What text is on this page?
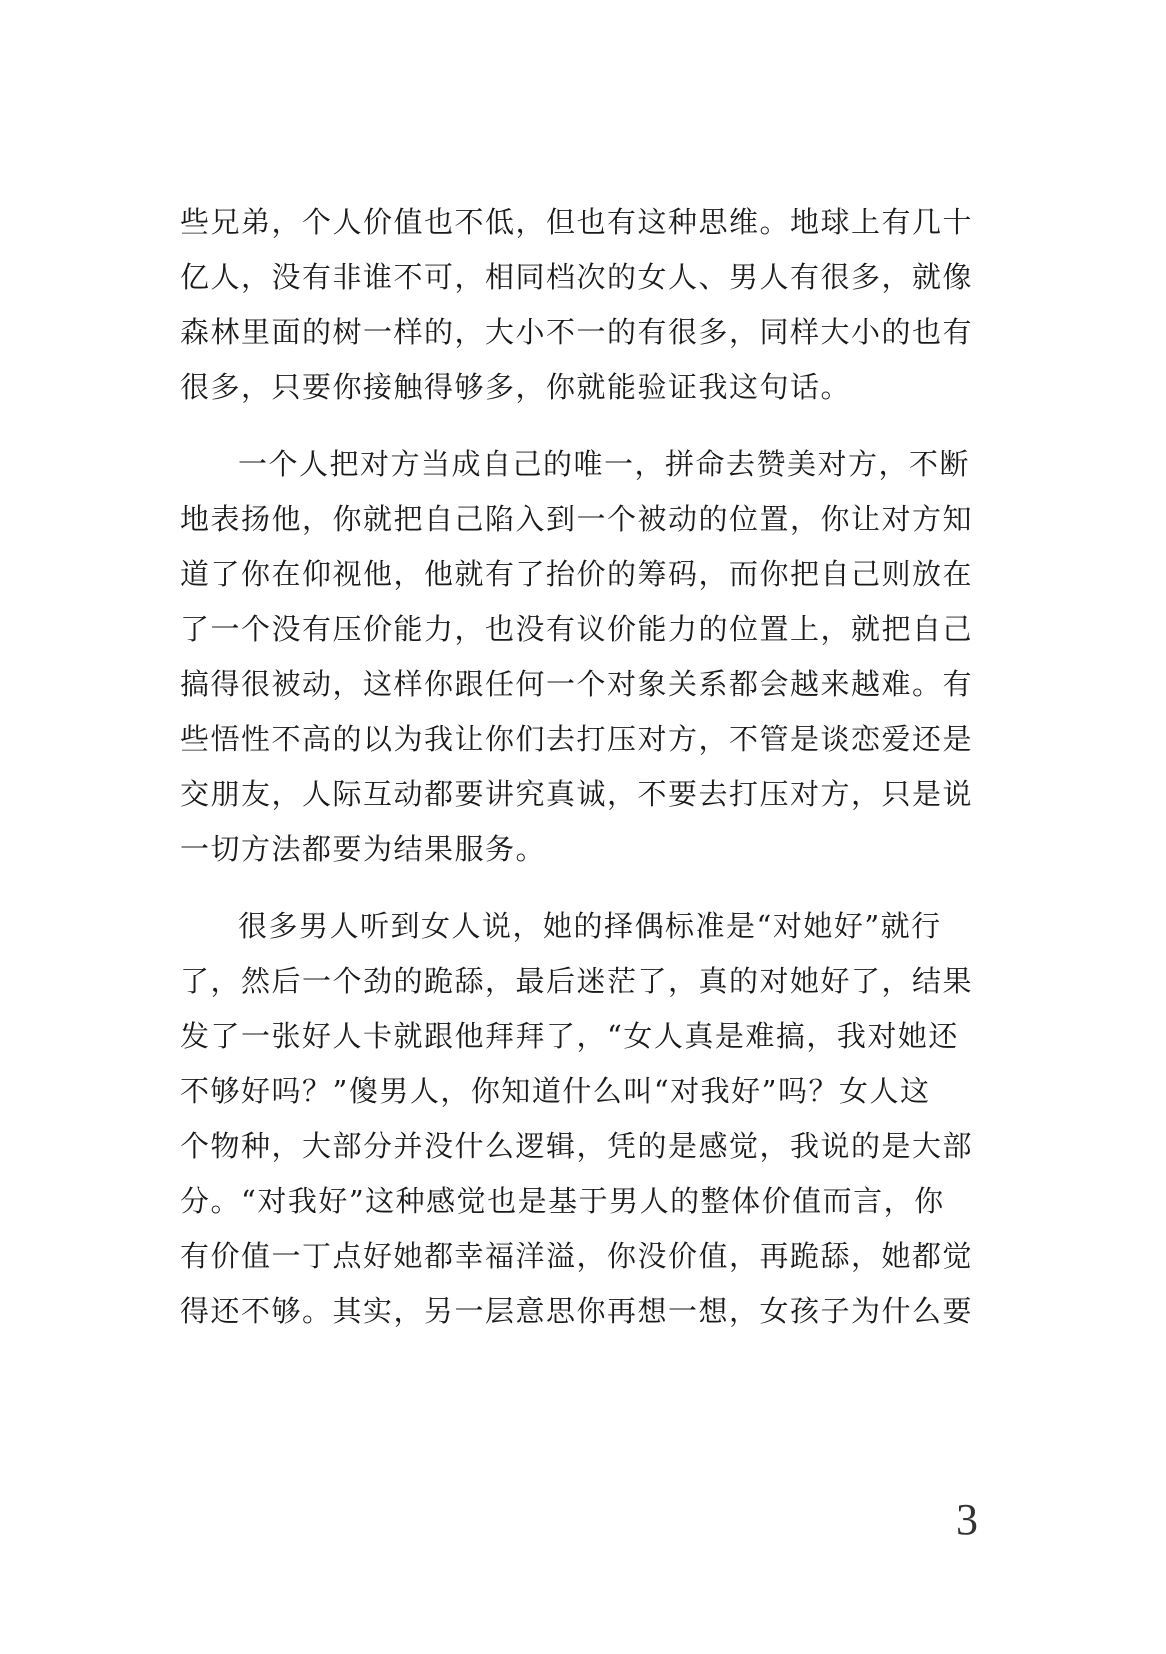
些兄弟，个人价值也不低，但也有这种思维。地球上有几十
亿人，没有非谁不可，相同档次的女人、男人有很多，就像
森林里面的树一样的，大小不一的有很多，同样大小的也有
很多，只要你接触得够多，你就能验证我这句话。
一个人把对方当成自己的唯一，拼命去赞美对方，不断
地表扬他，你就把自己陷入到一个被动的位置，你让对方知
道了你在仰视他，他就有了抬价的筹码，而你把自己则放在
了一个没有压价能力，也没有议价能力的位置上，就把自己
搞得很被动，这样你跟任何一个对象关系都会越来越难。有
些悟性不高的以为我让你们去打压对方，不管是谈恋爱还是
交朋友，人际互动都要讲究真诚，不要去打压对方，只是说
一切方法都要为结果服务。
很多男人听到女人说，她的择偶标准是“对她好”就行
了，然后一个劲的跪舔，最后迷茫了，真的对她好了，结果
发了一张好人卡就跟他拜拜了，“女人真是难搞，我对她还
不够好吗？”傻男人，你知道什么叫“对我好”吗？女人这
个物种，大部分并没什么逻辑，凭的是感觉，我说的是大部
分。“对我好”这种感觉也是基于男人的整体价值而言，你
有价值一丁点好她都幸福洋溢，你没价值，再跪舔，她都觉
得还不够。其实，另一层意思你再想一想，女孩子为什么要
3
